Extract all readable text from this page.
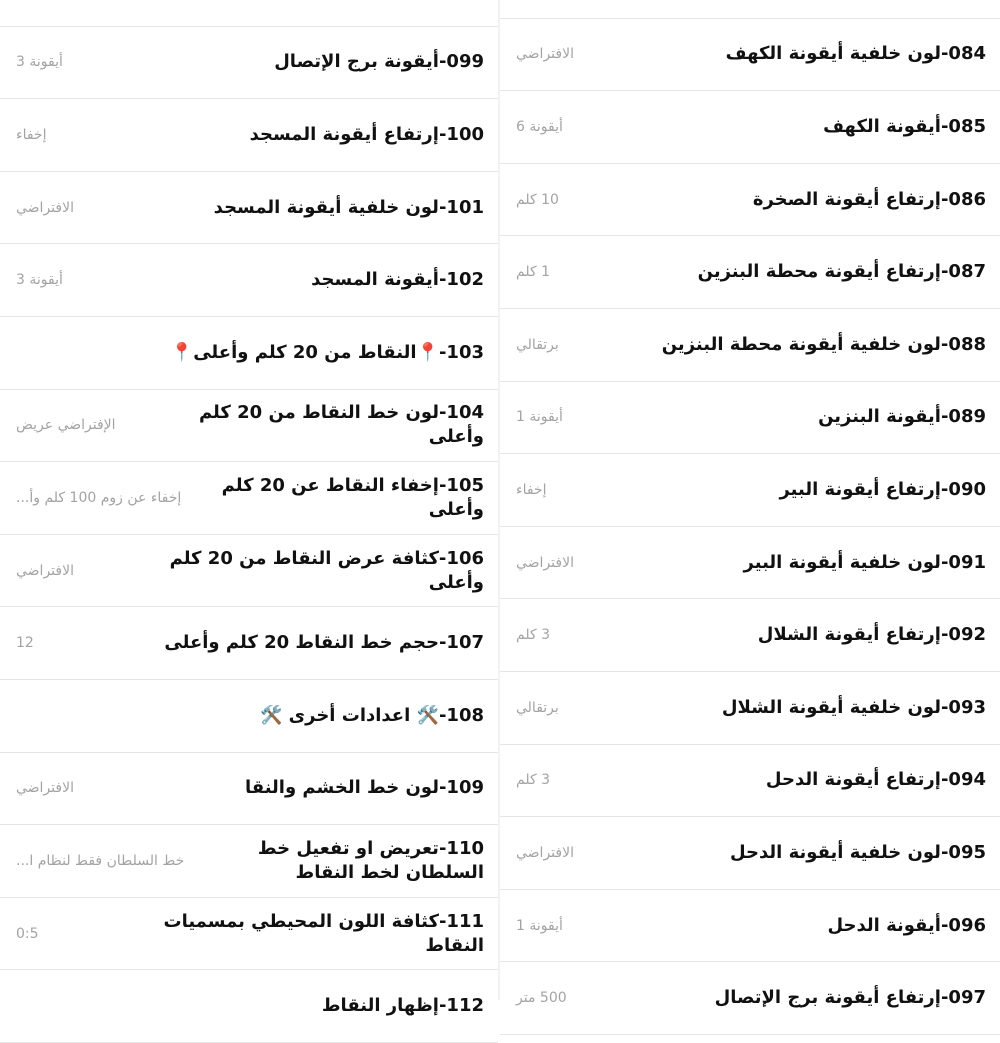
099-أيقونة برج الإتصال
أيقونة 3
100-إرتفاع أيقونة المسجد
إخفاء
101-لون خلفية أيقونة المسجد
الافتراضي
102-أيقونة المسجد
أيقونة 3
103-📍النقاط من 20 كلم وأعلى📍
104-لون خط النقاط من 20 كلم وأعلى
الإفتراضي عريض
105-إخفاء النقاط عن 20 كلم وأعلى
إخفاء عن زوم 100 كلم وأ...
106-كثافة عرض النقاط من 20 كلم وأعلى
الافتراضي
107-حجم خط النقاط 20 كلم وأعلى
12
108-🛠️ اعدادات أخرى 🛠️
109-لون خط الخشم والنقا
الافتراضي
110-تعريض او تفعيل خط السلطان لخط النقاط
خط السلطان فقط لنظام ا...
111-كثافة اللون المحيطي بمسميات النقاط
0:5
112-إظهار النقاط
084-لون خلفية أيقونة الكهف
الافتراضي
085-أيقونة الكهف
أيقونة 6
086-إرتفاع أيقونة الصخرة
10 كلم
087-إرتفاع أيقونة محطة البنزين
1 كلم
088-لون خلفية أيقونة محطة البنزين
برتقالي
089-أيقونة البنزين
أيقونة 1
090-إرتفاع أيقونة البير
إخفاء
091-لون خلفية أيقونة البير
الافتراضي
092-إرتفاع أيقونة الشلال
3 كلم
093-لون خلفية أيقونة الشلال
برتقالي
094-إرتفاع أيقونة الدحل
3 كلم
095-لون خلفية أيقونة الدحل
الافتراضي
096-أيقونة الدحل
أيقونة 1
097-إرتفاع أيقونة برج الإتصال
500 متر
